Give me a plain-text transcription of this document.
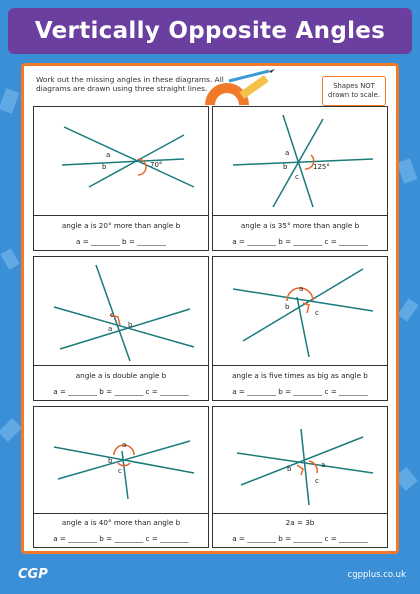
Vertically Opposite Angles
Work out the missing angles in these diagrams. All diagrams are drawn using three straight lines.	Shapes NOT drawn to scale.
a
b	70°
angle a is 20° more than angle b
a = ________ b = ________
a
b
c
125°
angle a is 35° more than angle b
a = ________ b = ________ c = ________
c
a b
angle a is double angle b
a = ________ b = ________ c = ________
a
b
c
angle a is five times as big as angle b
a = ________ b = ________ c = ________
a
b
c
angle a is 40° more than angle b
a = ________ b = ________ c = ________
a
b
c
2a = 3b
a = ________ b = ________ c = ________
CGP	cgpplus.co.uk
